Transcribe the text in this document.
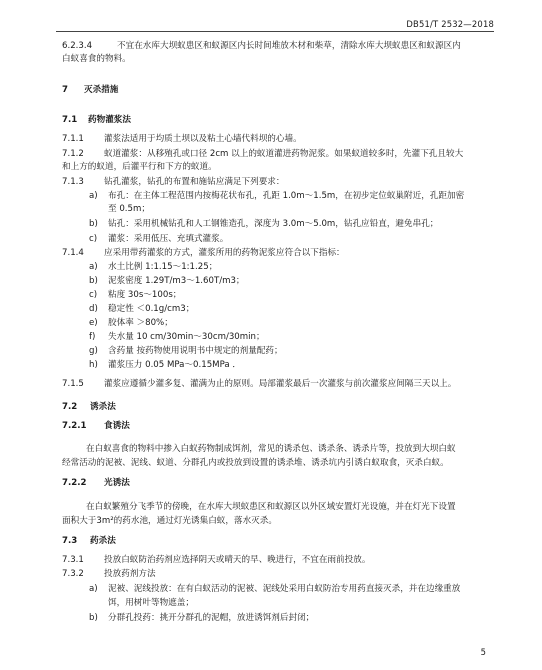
DB51/T 2532—2018
6.2.3.4	不宜在水库大坝蚁患区和蚁源区内长时间堆放木材和柴草，清除水库大坝蚁患区和蚁源区内
白蚁喜食的物料。
7 灭杀措施
7.1 药物灌浆法
7.1.1 灌浆法适用于均质土坝以及粘土心墙代料坝的心墙。
7.1.2 蚁道灌浆：从移殖孔或口径 2cm 以上的蚁道灌进药物泥浆。如果蚁道较多时，先灌下孔且较大
和上方的蚁道，后灌平行和下方的蚁道。
7.1.3 钻孔灌浆，钻孔的布置和施钻应满足下列要求：
a) 布孔：在主体工程范围内按梅花状布孔，孔距 1.0m～1.5m，在初步定位蚁巢附近，孔距加密
至 0.5m；
b) 钻孔：采用机械钻孔和人工钢锥造孔，深度为 3.0m～5.0m，钻孔应铅直，避免串孔；
c) 灌浆：采用低压、充填式灌浆。
7.1.4 应采用带药灌浆的方式，灌浆所用的药物泥浆应符合以下指标：
a) 水土比例 1:1.15～1:1.25；
b) 泥浆密度 1.29T/m3～1.60T/m3；
c) 粘度 30s～100s；
d) 稳定性 ＜0.1g/cm3；
e) 胶体率 ＞80%；
f) 失水量 10 cm/30min～30cm/30min；
g) 含药量 按药物使用说明书中规定的剂量配药；
h) 灌浆压力 0.05 MPa～0.15MPa ．
7.1.5 灌浆应遵循少灌多复、灌满为止的原则。局部灌浆最后一次灌浆与前次灌浆应间隔三天以上。
7.2 诱杀法
7.2.1 食诱法
在白蚁喜食的物料中掺入白蚁药物制成饵剂，常见的诱杀包、诱杀条、诱杀片等，投放到大坝白蚁
经常活动的泥被、泥线、蚁道、分群孔内或投放到设置的诱杀堆、诱杀坑内引诱白蚁取食，灭杀白蚁。
7.2.2 光诱法
在白蚁繁殖分飞季节的傍晚，在水库大坝蚁患区和蚁源区以外区域安置灯光设施，并在灯光下设置
面积大于3m²的药水池，通过灯光诱集白蚁，落水灭杀。
7.3 药杀法
7.3.1 投放白蚁防治药剂应选择阴天或晴天的早、晚进行，不宜在雨前投放。
7.3.2 投放药剂方法
a) 泥被、泥线投放：在有白蚁活动的泥被、泥线处采用白蚁防治专用药直接灭杀，并在边缘重放
饵，用树叶等物遮盖；
b) 分群孔投药：挑开分群孔的泥帽，放进诱饵剂后封闭；
5
